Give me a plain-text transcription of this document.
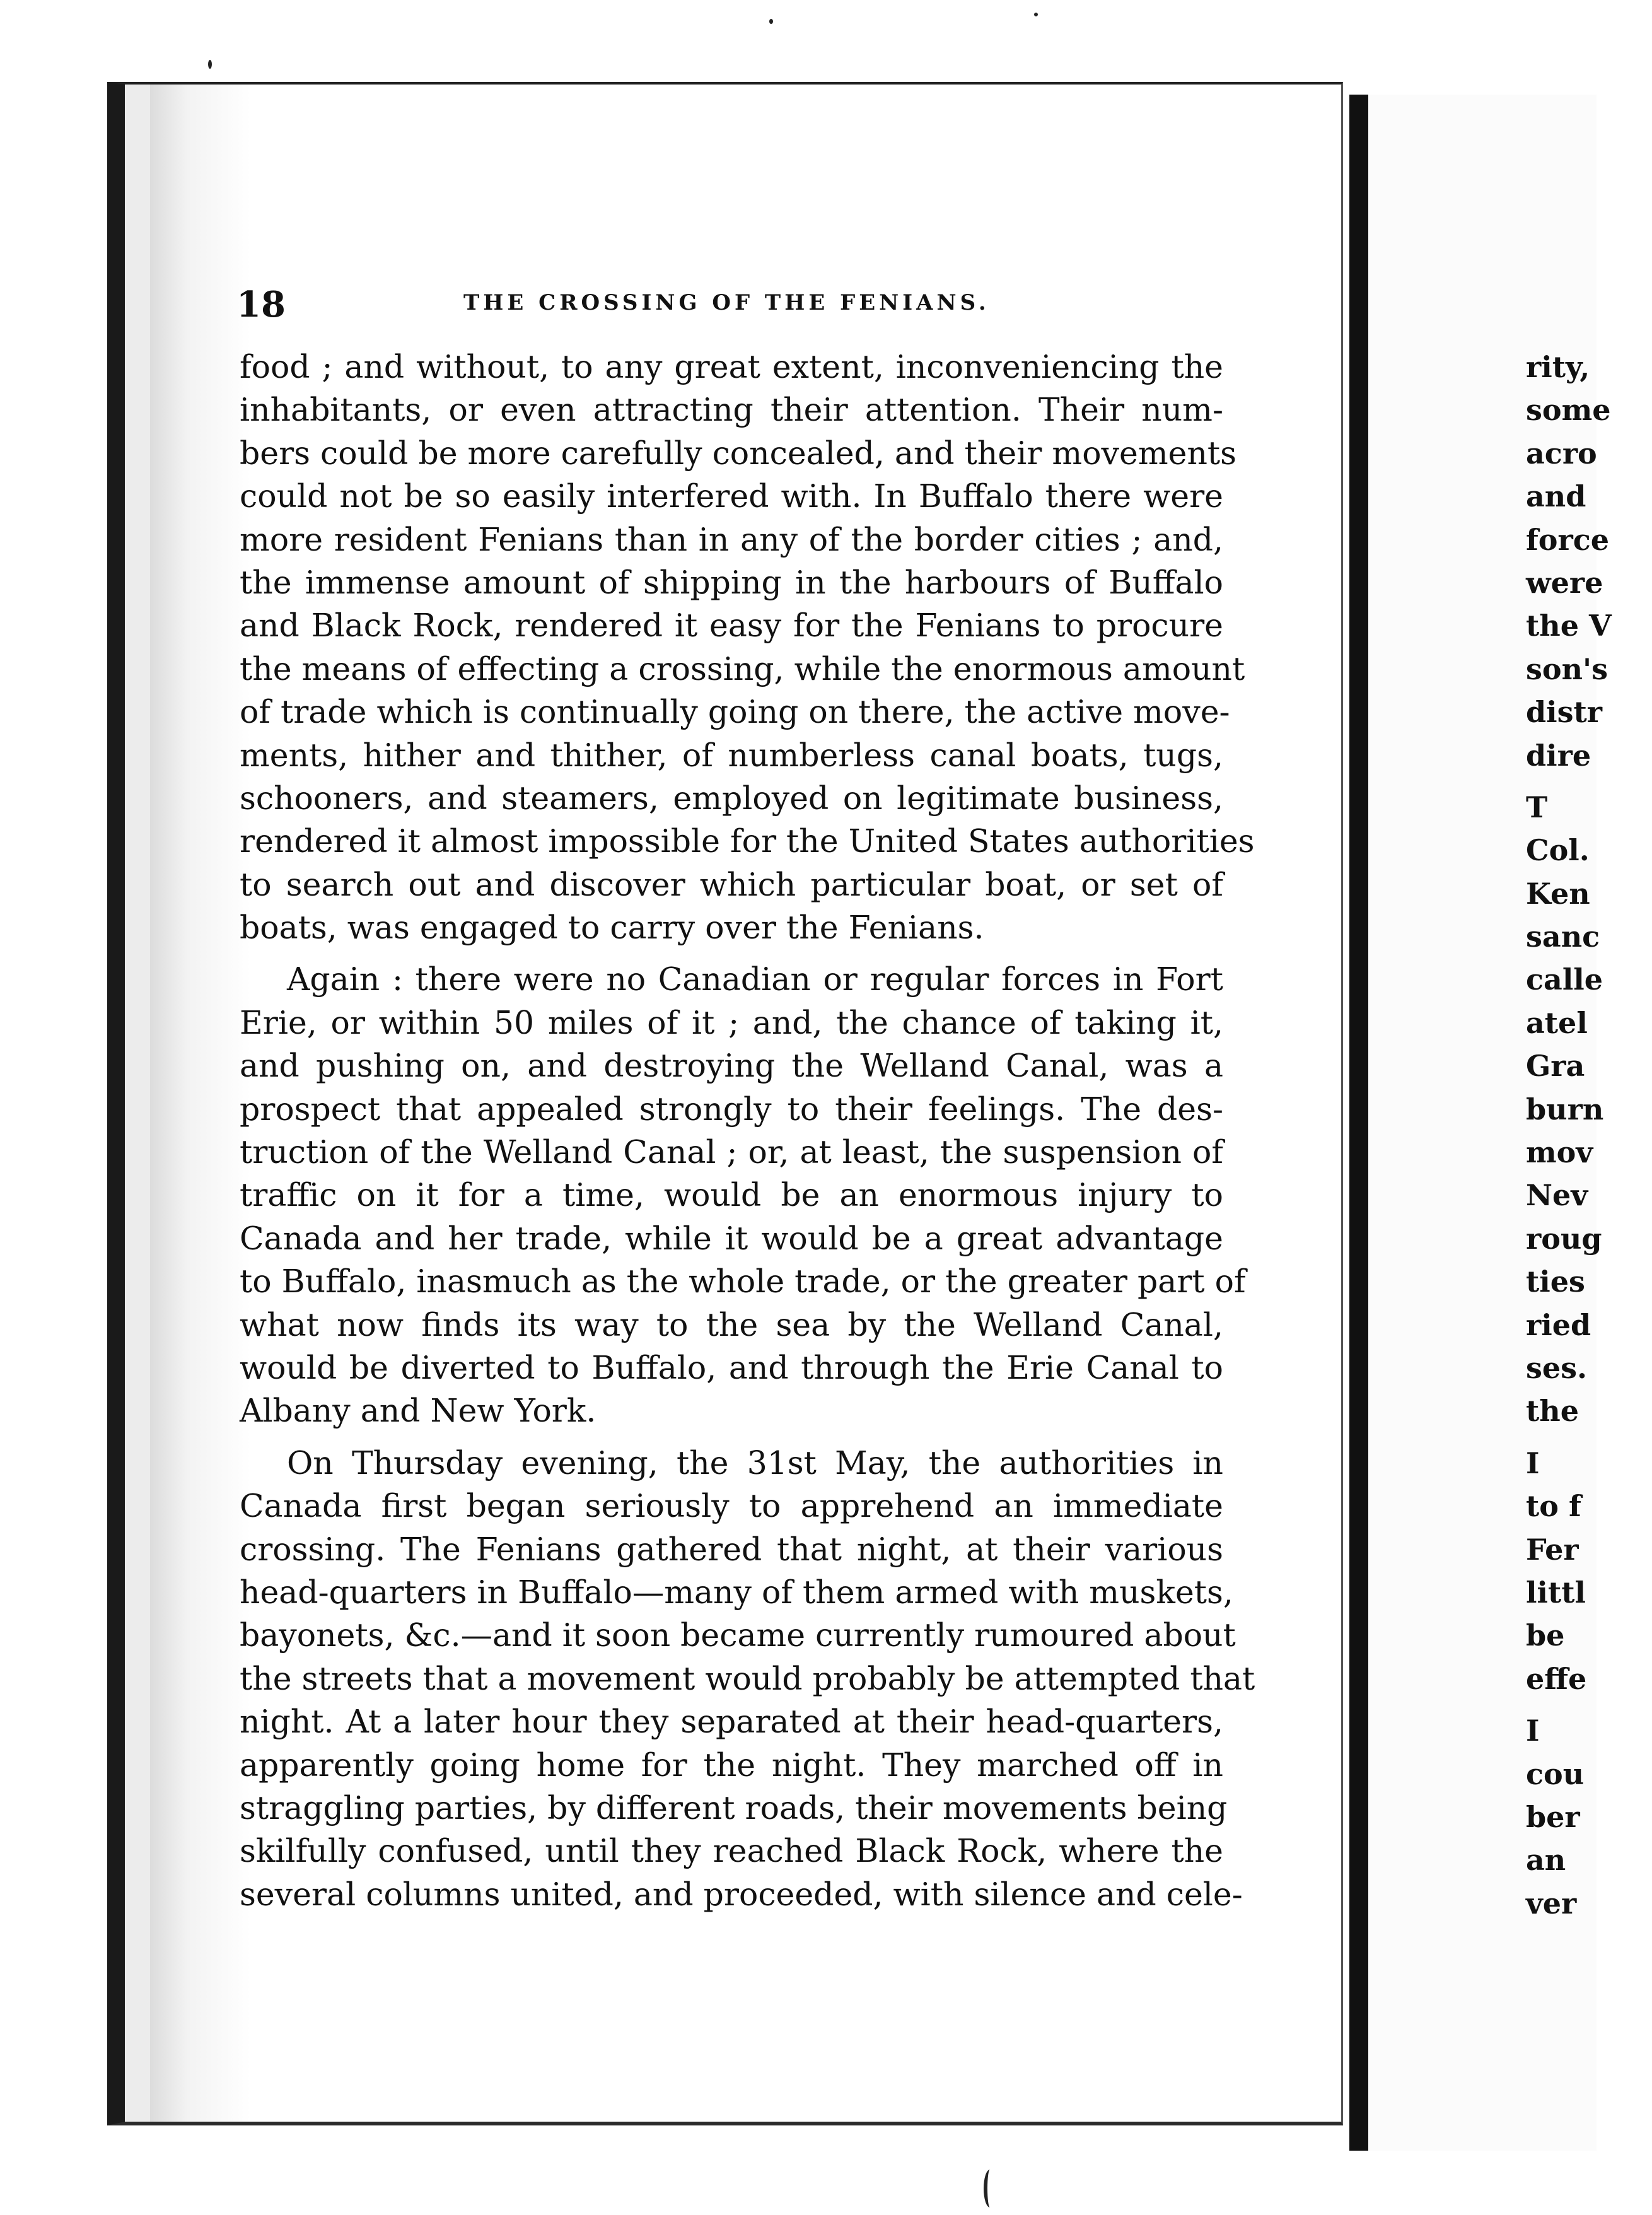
18	THE CROSSING OF THE FENIANS.
food ; and without, to any great extent, inconveniencing the
inhabitants, or even attracting their attention. Their num-
bers could be more carefully concealed, and their movements
could not be so easily interfered with. In Buffalo there were
more resident Fenians than in any of the border cities ; and,
the immense amount of shipping in the harbours of Buffalo
and Black Rock, rendered it easy for the Fenians to procure
the means of effecting a crossing, while the enormous amount
of trade which is continually going on there, the active move-
ments, hither and thither, of numberless canal boats, tugs,
schooners, and steamers, employed on legitimate business,
rendered it almost impossible for the United States authorities
to search out and discover which particular boat, or set of
boats, was engaged to carry over the Fenians.
Again : there were no Canadian or regular forces in Fort
Erie, or within 50 miles of it ; and, the chance of taking it,
and pushing on, and destroying the Welland Canal, was a
prospect that appealed strongly to their feelings. The des-
truction of the Welland Canal ; or, at least, the suspension of
traffic on it for a time, would be an enormous injury to
Canada and her trade, while it would be a great advantage
to Buffalo, inasmuch as the whole trade, or the greater part of
what now finds its way to the sea by the Welland Canal,
would be diverted to Buffalo, and through the Erie Canal to
Albany and New York.
On Thursday evening, the 31st May, the authorities in
Canada first began seriously to apprehend an immediate
crossing. The Fenians gathered that night, at their various
head-quarters in Buffalo—many of them armed with muskets,
bayonets, &c.—and it soon became currently rumoured about
the streets that a movement would probably be attempted that
night. At a later hour they separated at their head-quarters,
apparently going home for the night. They marched off in
straggling parties, by different roads, their movements being
skilfully confused, until they reached Black Rock, where the
several columns united, and proceeded, with silence and cele-
rity,
some
acro
and
force
were
the V
son's
distr
dire
T
Col.
Ken
sanc
calle
atel
Gra
burn
mov
Nev
roug
ties
ried
ses.
the
I
to f
Fer
littl
be
effe
I
cou
ber
an
ver
